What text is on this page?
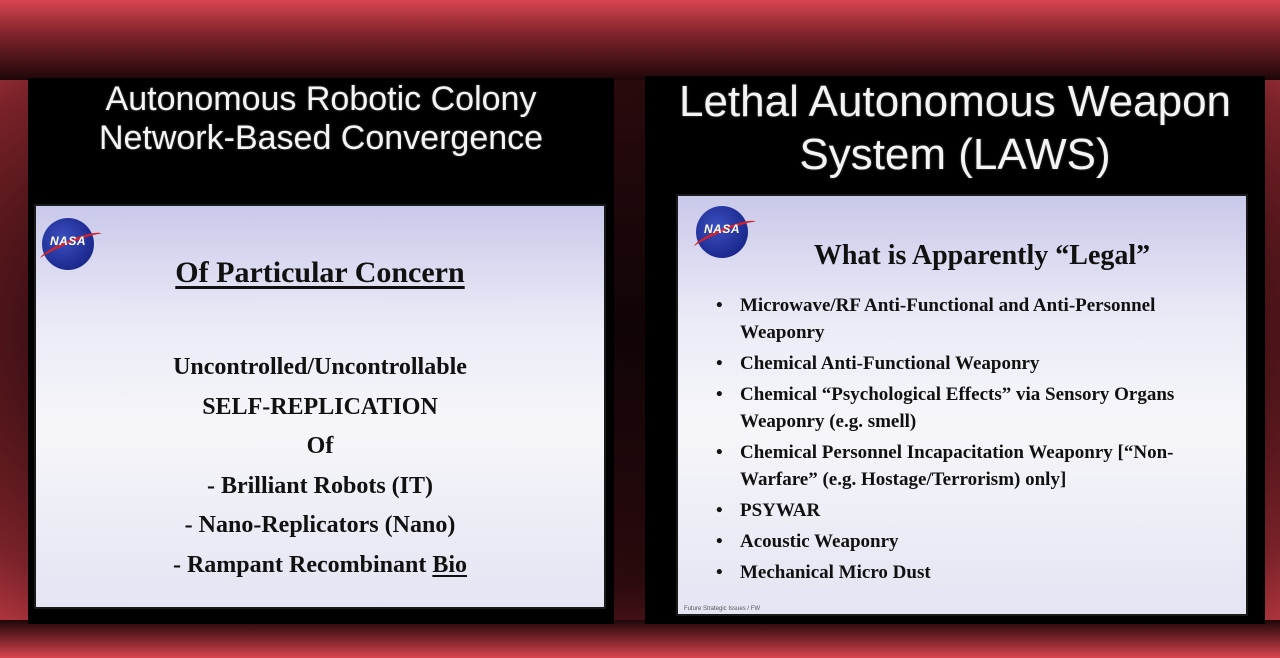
Autonomous Robotic Colony
Network-Based Convergence
NASA
Of Particular Concern
Uncontrolled/Uncontrollable
SELF-REPLICATION
Of
- Brilliant Robots (IT)
- Nano-Replicators (Nano)
- Rampant Recombinant Bio
Lethal Autonomous Weapon
System (LAWS)
NASA
What is Apparently “Legal”
• Microwave/RF Anti-Functional and Anti-Personnel Weaponry
• Chemical Anti-Functional Weaponry
• Chemical “Psychological Effects” via Sensory Organs Weaponry (e.g. smell)
• Chemical Personnel Incapacitation Weaponry [“Non-Warfare” (e.g. Hostage/Terrorism) only]
• PSYWAR
• Acoustic Weaponry
• Mechanical Micro Dust
Future Strategic Issues / FW
